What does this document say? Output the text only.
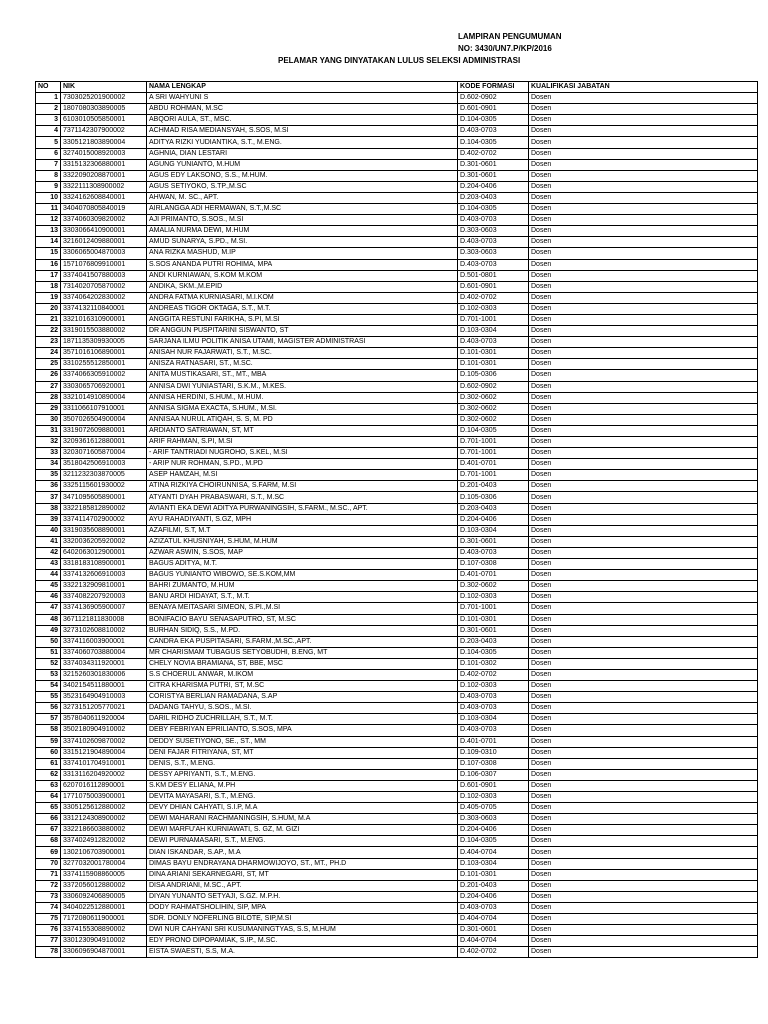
LAMPIRAN PENGUMUMAN
NO: 3430/UN7.P/KP/2016
PELAMAR YANG DINYATAKAN LULUS SELEKSI ADMINISTRASI
NO	NIK	NAMA LENGKAP	KODE FORMASI	KUALIFIKASI JABATAN
1	7303025201900002	A SRI WAHYUNI S	D.602-0902	Dosen
2	1807080303890005	ABDU ROHMAN, M.SC	D.601-0901	Dosen
3	6103010505850001	ABQORI AULA, ST., MSC.	D.104-0305	Dosen
4	7371142307900002	ACHMAD RISA MEDIANSYAH, S.SOS, M.SI	D.403-0703	Dosen
5	3305121803890004	ADITYA RIZKI YUDIANTIKA, S.T., M.ENG.	D.104-0305	Dosen
6	3274015008920003	AGHNIA, DIAN LESTARI	D.402-0702	Dosen
7	3315132306880001	AGUNG YUNIANTO, M.HUM	D.301-0601	Dosen
8	3322090208870001	AGUS EDY LAKSONO, S.S., M.HUM.	D.301-0601	Dosen
9	3322111308900002	AGUS SETIYOKO, S.TP.,M.SC	D.204-0406	Dosen
10	3324162608840001	AHWAN, M. SC., APT.	D.203-0403	Dosen
11	3404070805840019	AIRLANGGA ADI HERMAWAN, S.T.,M.SC	D.104-0305	Dosen
12	3374060309820002	AJI PRIMANTO, S.SOS., M.SI	D.403-0703	Dosen
13	3303066410900001	AMALIA NURMA DEWI, M.HUM	D.303-0603	Dosen
14	3216012409880001	AMUD SUNARYA, S.PD., M.SI.	D.403-0703	Dosen
15	3306065004870003	ANA RIZKA MASHUD, M.IP	D.303-0603	Dosen
16	1571076809910001	S.SOS ANANDA PUTRI ROHIMA, MPA	D.403-0703	Dosen
17	3374041507880003	ANDI KURNIAWAN, S.KOM M.KOM	D.501-0801	Dosen
18	7314020705870002	ANDIKA, SKM.,M.EPID	D.601-0901	Dosen
19	3374064202830002	ANDRA FATMA KURNIASARI, M.I.KOM	D.402-0702	Dosen
20	3374132110840001	ANDREAS TIGOR OKTAGA, S.T., M.T.	D.102-0303	Dosen
21	3321016310900001	ANGGITA RESTUNI FARIKHA, S.PI, M.SI	D.701-1001	Dosen
22	3319015503880002	DR ANGGUN PUSPITARINI SISWANTO, ST	D.103-0304	Dosen
23	1871135309930005	SARJANA ILMU POLITIK ANISA UTAMI, MAGISTER ADMINISTRASI	D.403-0703	Dosen
24	3571016106890001	ANISAH NUR FAJARWATI, S.T., M.SC.	D.101-0301	Dosen
25	3310255512850001	ANISZA RATNASARI, ST., M.SC.	D.101-0301	Dosen
26	3374066305910002	ANITA MUSTIKASARI, ST., MT., MBA	D.105-0306	Dosen
27	3303065706920001	ANNISA DWI YUNIASTARI, S.K.M., M.KES.	D.602-0902	Dosen
28	3321014910890004	ANNISA HERDINI, S.HUM., M.HUM.	D.302-0602	Dosen
29	3311066107910001	ANNISA SIGMA EXACTA, S.HUM., M.SI.	D.302-0602	Dosen
30	3507026504900004	ANNISAA NURUL ATIQAH, S. S, M. PD	D.302-0602	Dosen
31	3319072609880001	ARDIANTO SATRIAWAN, ST, MT	D.104-0305	Dosen
32	3209361612880001	ARIF RAHMAN, S.PI, M.SI	D.701-1001	Dosen
33	3203071605870004	- ARIF TANTRIADI NUGROHO, S.KEL, M.SI	D.701-1001	Dosen
34	3518042506910003	- ARIP NUR ROHMAN, S.PD., M.PD	D.401-0701	Dosen
35	3211232303870005	ASEP HAMZAH, M.SI	D.701-1001	Dosen
36	3325115601930002	ATINA RIZKIYA CHOIRUNNISA, S.FARM, M.SI	D.201-0403	Dosen
37	3471095605890001	ATYANTI DYAH PRABASWARI, S.T., M.SC	D.105-0306	Dosen
38	3322185812890002	AVIANTI EKA DEWI ADITYA PURWANINGSIH, S.FARM., M.SC., APT.	D.203-0403	Dosen
39	3374114702900002	AYU RAHADIYANTI, S.GZ, MPH	D.204-0406	Dosen
40	3319035608890001	AZAFILMI, S.T, M.T	D.103-0304	Dosen
41	3320036205920002	AZIZATUL KHUSNIYAH, S.HUM, M.HUM	D.301-0601	Dosen
42	6402063012900001	AZWAR ASWIN, S.SOS, MAP	D.403-0703	Dosen
43	3318183108900001	BAGUS ADITYA, M.T.	D.107-0308	Dosen
44	3374132606910003	BAGUS YUNIANTO WIBOWO, SE.S.KOM,MM	D.401-0701	Dosen
45	3322132909810001	BAHRI ZUMANTO, M.HUM	D.302-0602	Dosen
46	3374082207920003	BANU ARDI HIDAYAT, S.T., M.T.	D.102-0303	Dosen
47	3374136905900007	BENAYA MEITASARI SIMEON, S.PI.,M.SI	D.701-1001	Dosen
48	3671121811830008	BONIFACIO BAYU SENASAPUTRO, ST, M.SC	D.101-0301	Dosen
49	3273102608810002	BURHAN SIDIQ, S.S., M.PD.	D.301-0601	Dosen
50	3374116003900001	CANDRA EKA PUSPITASARI, S.FARM.,M.SC.,APT.	D.203-0403	Dosen
51	3374060703880004	MR CHARISMAM TUBAGUS SETYOBUDHI, B.ENG, MT	D.104-0305	Dosen
52	3374034311920001	CHELY NOVIA BRAMIANA, ST, BBE, MSC	D.101-0302	Dosen
53	3215260301830006	S.S CHOERUL ANWAR, M.IKOM	D.402-0702	Dosen
54	3402154511880001	CITRA KHARISMA PUTRI, ST, M.SC	D.102-0303	Dosen
55	3523164904910003	CORISTYA BERLIAN RAMADANA, S.AP	D.403-0703	Dosen
56	3273151205770021	DADANG TAHYU, S.SOS., M.SI.	D.403-0703	Dosen
57	3578040611920004	DARIL RIDHO ZUCHRILLAH, S.T., M.T.	D.103-0304	Dosen
58	3502180904910002	DEBY FEBRIYAN EPRILIANTO, S.SOS, MPA	D.403-0703	Dosen
59	3374102609870002	DEDDY SUSETIYONO, SE., ST., MM	D.401-0701	Dosen
60	3315121904890004	DENI FAJAR FITRIYANA, ST, MT	D.109-0310	Dosen
61	3374101704910001	DENIS, S.T., M.ENG.	D.107-0308	Dosen
62	3313116204920002	DESSY APRIYANTI, S.T., M.ENG.	D.106-0307	Dosen
63	6207016112890001	S.KM DESY ELIANA, M.PH	D.601-0901	Dosen
64	1771075003900001	DEVITA MAYASARI, S.T., M.ENG.	D.102-0303	Dosen
65	3305125612880002	DEVY DHIAN CAHYATI, S.I.P, M.A	D.405-0705	Dosen
66	3312124308900002	DEWI MAHARANI RACHMANINGSIH, S.HUM, M.A	D.303-0603	Dosen
67	3322186603880002	DEWI MARFU'AH KURNIAWATI, S. GZ, M. GIZI	D.204-0406	Dosen
68	3374024912820002	DEWI PURNAMASARI, S.T., M.ENG.	D.104-0305	Dosen
69	1302106703900001	DIAN ISKANDAR, S.AP., M.A	D.404-0704	Dosen
70	3277032001780004	DIMAS BAYU ENDRAYANA DHARMOWIJOYO, ST., MT., PH.D	D.103-0304	Dosen
71	3374115908860005	DINA ARIANI SEKARNEGARI, ST, MT	D.101-0301	Dosen
72	3372056012880002	DISA ANDRIANI, M.SC., APT.	D.201-0403	Dosen
73	3306092406890005	DIYAN YUNANTO SETYAJI, S.GZ. M.P.H.	D.204-0406	Dosen
74	3404022512880001	DODY RAHMATSHOLIHIN, SIP, MPA	D.403-0703	Dosen
75	7172080611900001	SDR. DONLY NOFERLING BILOTE, SIP,M.SI	D.404-0704	Dosen
76	3374155308890002	DWI NUR CAHYANI SRI KUSUMANINGTYAS, S.S, M.HUM	D.301-0601	Dosen
77	3301230904910002	EDY PRONO DIPOPAMIAK, S.IP., M.SC.	D.404-0704	Dosen
78	3306096904870001	EISTA SWAESTI, S.S, M.A.	D.402-0702	Dosen
